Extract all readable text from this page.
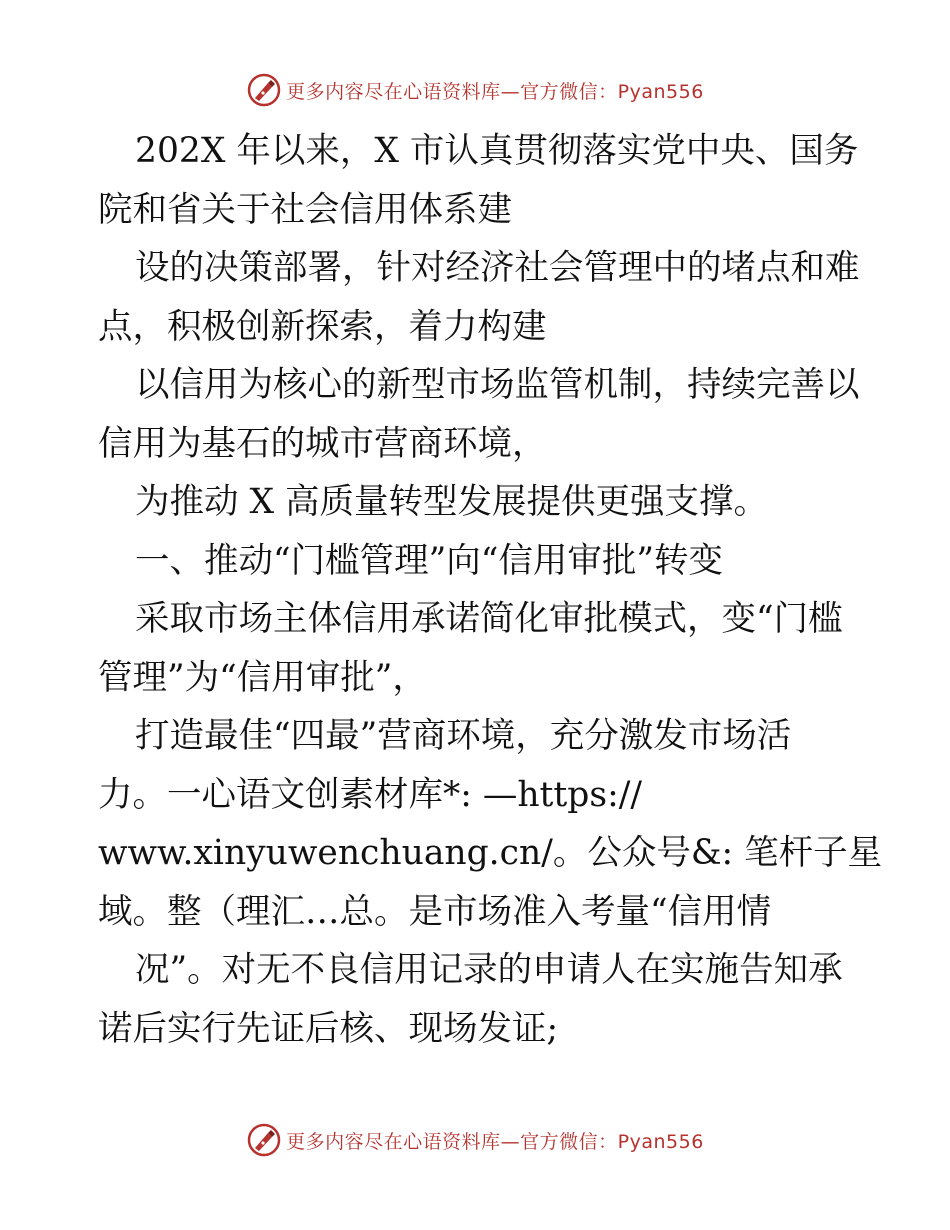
更多内容尽在心语资料库—官方微信：Pyan556
202X 年以来，X 市认真贯彻落实党中央、国务
院和省关于社会信用体系建
设的决策部署，针对经济社会管理中的堵点和难
点，积极创新探索，着力构建
以信用为核心的新型市场监管机制，持续完善以
信用为基石的城市营商环境，
为推动 X 高质量转型发展提供更强支撑。
一、推动“门槛管理”向“信用审批”转变
采取市场主体信用承诺简化审批模式，变“门槛
管理”为“信用审批”，
打造最佳“四最”营商环境，充分激发市场活
力。一心语文创素材库*: —https://
www.xinyuwenchuang.cn/。公众号&: 笔杆子星
域。整（理汇…总。是市场准入考量“信用情
况”。对无不良信用记录的申请人在实施告知承
诺后实行先证后核、现场发证;
更多内容尽在心语资料库—官方微信：Pyan556
